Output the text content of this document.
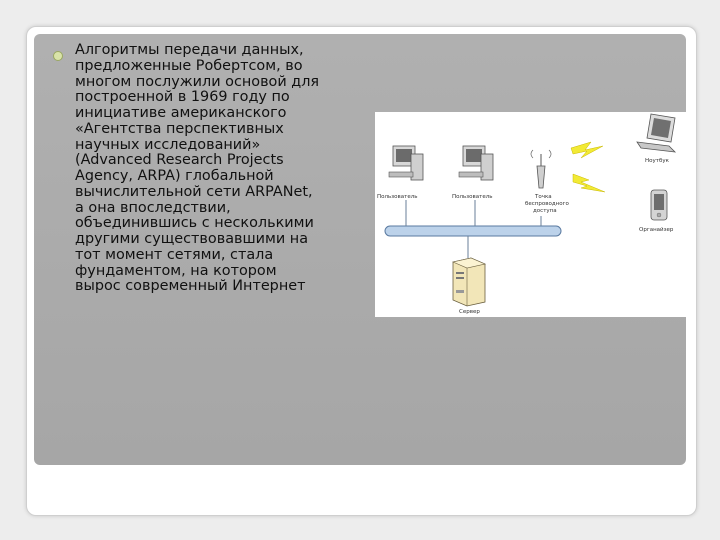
Алгоритмы передачи данных,
предложенные Робертсом, во
многом послужили основой для
построенной в 1969 году по
инициативе американского
«Агентства перспективных
научных исследований»
(Advanced Research Projects
Agency, ARPA) глобальной
вычислительной сети ARPANet,
а она впоследствии,
объединившись с несколькими
другими существовавшими на
тот момент сетями, стала
фундаментом, на котором
вырос современный Интернет

Пользователь	Пользователь	Точка
беспроводного
доступа
Ноутбук
Органайзер
Сервер
